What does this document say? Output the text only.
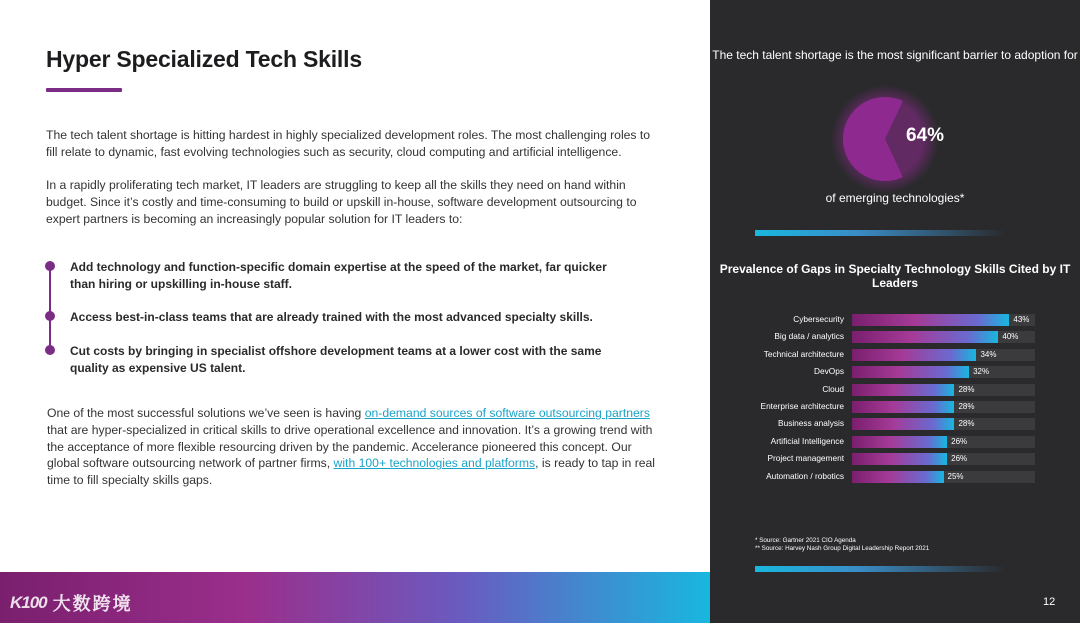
Hyper Specialized Tech Skills

The tech talent shortage is hitting hardest in highly specialized development roles. The most challenging roles to fill relate to dynamic, fast evolving technologies such as security, cloud computing and artificial intelligence.

In a rapidly proliferating tech market, IT leaders are struggling to keep all the skills they need on hand within budget. Since it’s costly and time-consuming to build or upskill in-house, software development outsourcing to expert partners is becoming an increasingly popular solution for IT leaders to:

Add technology and function-specific domain expertise at the speed of the market, far quicker than hiring or upskilling in-house staff.
Access best-in-class teams that are already trained with the most advanced specialty skills.
Cut costs by bringing in specialist offshore development teams at a lower cost with the same quality as expensive US talent.

One of the most successful solutions we’ve seen is having on-demand sources of software outsourcing partners that are hyper-specialized in critical skills to drive operational excellence and innovation. It’s a growing trend with the acceptance of more flexible resourcing driven by the pandemic. Accelerance pioneered this concept. Our global software outsourcing network of partner firms, with 100+ technologies and platforms, is ready to tap in real time to fill specialty skills gaps.

K100 大数跨境
The tech talent shortage is the most significant barrier to adoption for
64%
of emerging technologies*
Prevalence of Gaps in Specialty Technology Skills Cited by IT Leaders
Cybersecurity	43%
Big data / analytics	40%
Technical architecture	34%
DevOps	32%
Cloud	28%
Enterprise architecture	28%
Business analysis	28%
Artificial Intelligence	26%
Project management	26%
Automation / robotics	25%
* Source: Gartner 2021 CIO Agenda
** Source: Harvey Nash Group Digital Leadership Report 2021
12
